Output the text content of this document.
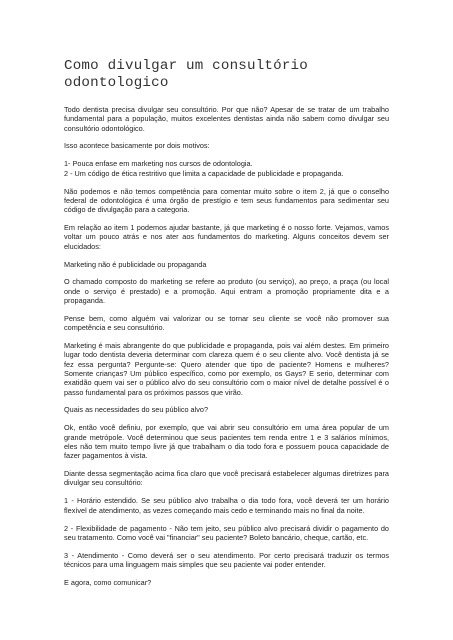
Como divulgar um consultório
odontologico

Todo dentista precisa divulgar seu consultório. Por que não? Apesar de se tratar de um trabalho fundamental para a população, muitos excelentes dentistas ainda não sabem como divulgar seu consultório odontológico.

Isso acontece basicamente por dois motivos:

1- Pouca enfase em marketing nos cursos de odontologia.

2 - Um código de ética restritivo que limita a capacidade de publicidade e propaganda.

Não podemos e não temos competência para comentar muito sobre o item 2, já que o conselho federal de odontológica é uma órgão de prestígio e tem seus fundamentos para sedimentar seu código de divulgação para a categoria.

Em relação ao item 1 podemos ajudar bastante, já que marketing é o nosso forte. Vejamos, vamos voltar um pouco atrás e nos ater aos fundamentos do marketing. Alguns conceitos devem ser elucidados:

Marketing não é publicidade ou propaganda

O chamado composto do marketing se refere ao produto (ou serviço), ao preço, a praça (ou local onde o serviço é prestado) e a promoção. Aqui entram a promoção propriamente dita e a propaganda.

Pense bem, como alguém vai valorizar ou se tornar seu cliente se você não promover sua competência e seu consultório.

Marketing é mais abrangente do que publicidade e propaganda, pois vai além destes. Em primeiro lugar todo dentista deveria determinar com clareza quem é o seu cliente alvo. Você dentista já se fez essa pergunta? Pergunte-se: Quero atender que tipo de paciente? Homens e mulheres? Somente crianças? Um público específico, como por exemplo, os Gays? E serio, determinar com exatidão quem vai ser o público alvo do seu consultório com o maior nível de detalhe possível é o passo fundamental para os próximos passos que virão.

Quais as necessidades do seu público alvo?

Ok, então você definiu, por exemplo, que vai abrir seu consultório em uma área popular de um grande metrópole. Você determinou que seus pacientes tem renda entre 1 e 3 salários mínimos, eles não tem muito tempo livre já que trabalham o dia todo fora e possuem pouca capacidade de fazer pagamentos à vista.

Diante dessa segmentação acima fica claro que você precisará estabelecer algumas diretrizes para divulgar seu consultório:

1 - Horário estendido. Se seu público alvo trabalha o dia todo fora, você deverá ter um horário flexível de atendimento, as vezes começando mais cedo e terminando mais no final da noite.

2 - Flexibilidade de pagamento - Não tem jeito, seu público alvo precisará dividir o pagamento do seu tratamento. Como você vai "financiar" seu paciente? Boleto bancário, cheque, cartão, etc.

3 - Atendimento - Como deverá ser o seu atendimento. Por certo precisará traduzir os termos técnicos para uma linguagem mais simples que seu paciente vai poder entender.

E agora, como comunicar?
